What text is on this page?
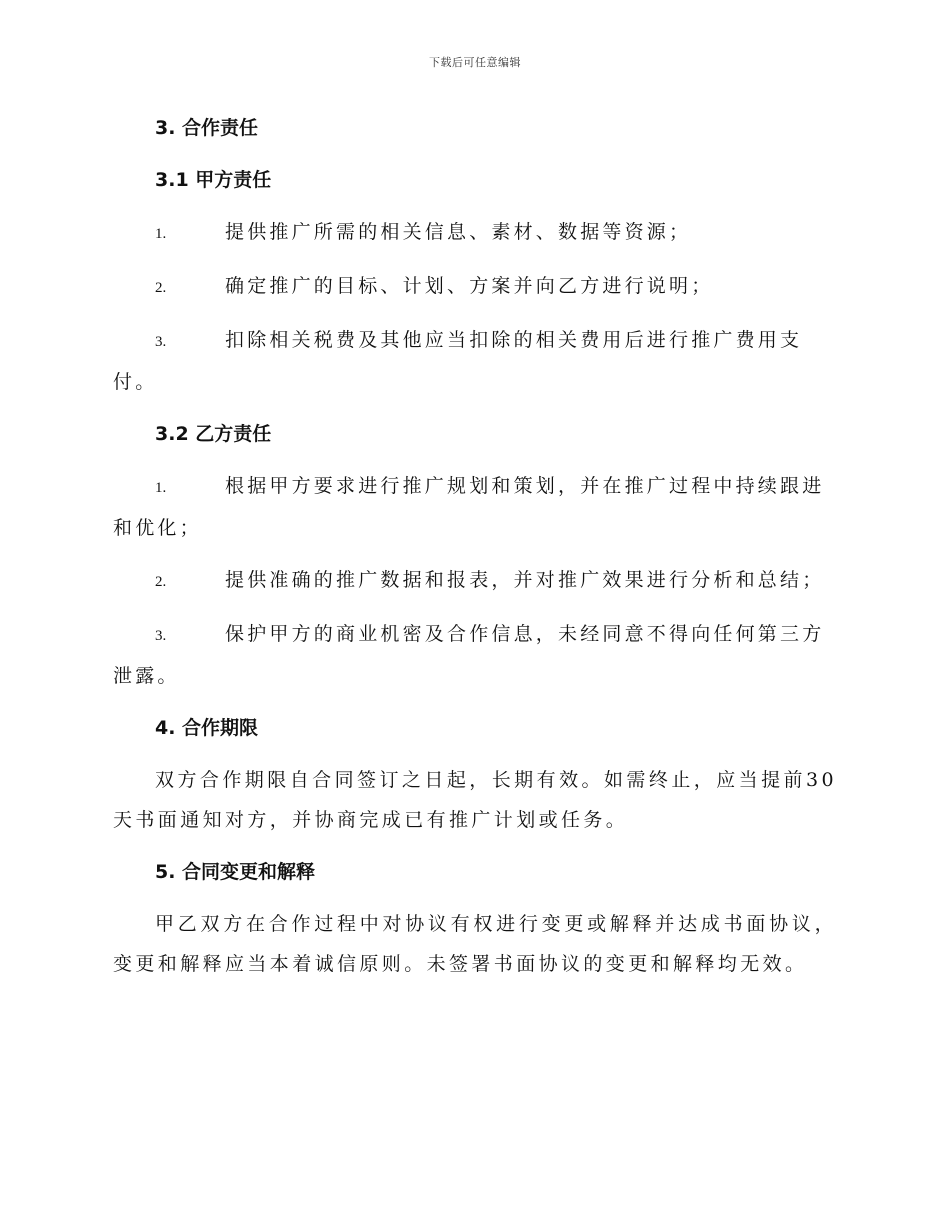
下载后可任意编辑
3. 合作责任
3.1 甲方责任
1.	提供推广所需的相关信息、素材、数据等资源；
2.	确定推广的目标、计划、方案并向乙方进行说明；
3.	扣除相关税费及其他应当扣除的相关费用后进行推广费用支付。
3.2 乙方责任
1.	根据甲方要求进行推广规划和策划，并在推广过程中持续跟进和优化；
2.	提供准确的推广数据和报表，并对推广效果进行分析和总结；
3.	保护甲方的商业机密及合作信息，未经同意不得向任何第三方泄露。
4. 合作期限
双方合作期限自合同签订之日起，长期有效。如需终止，应当提前30天书面通知对方，并协商完成已有推广计划或任务。
5. 合同变更和解释
甲乙双方在合作过程中对协议有权进行变更或解释并达成书面协议，变更和解释应当本着诚信原则。未签署书面协议的变更和解释均无效。
